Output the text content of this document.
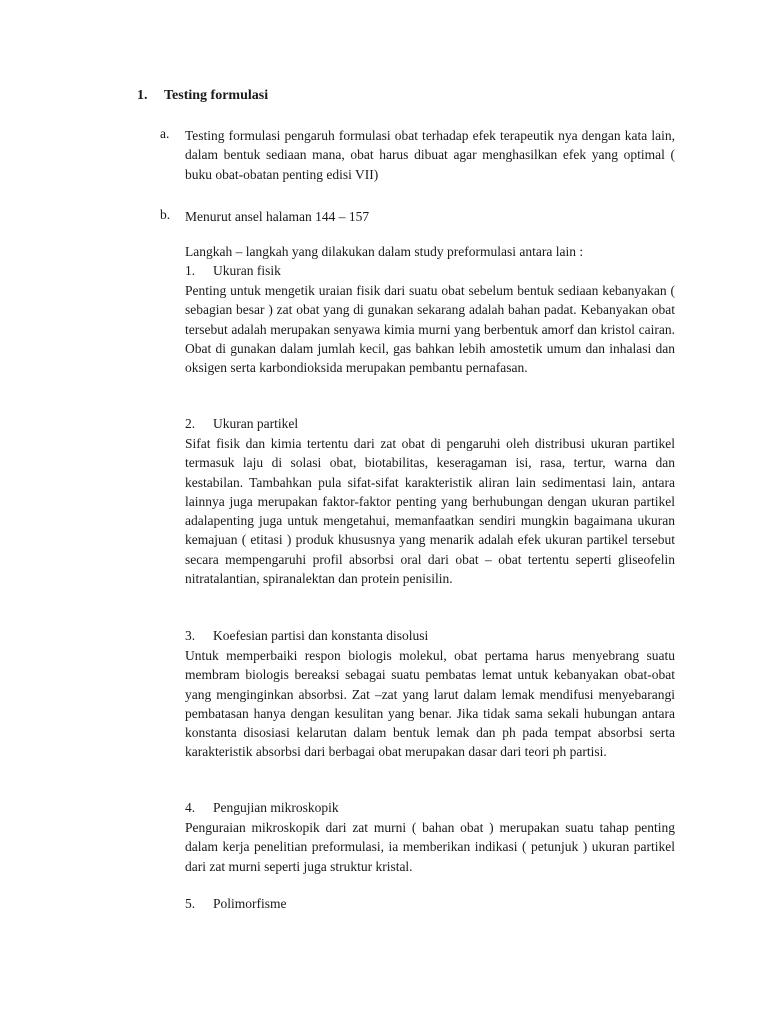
1. Testing formulasi
a. Testing formulasi pengaruh formulasi obat terhadap efek terapeutik nya dengan kata lain, dalam bentuk sediaan mana, obat harus dibuat agar menghasilkan efek yang optimal ( buku obat-obatan penting edisi VII)
b. Menurut ansel halaman 144 – 157
Langkah – langkah yang dilakukan dalam study preformulasi antara lain :
1. Ukuran fisik
Penting untuk mengetik uraian fisik dari suatu obat sebelum bentuk sediaan kebanyakan ( sebagian besar ) zat obat yang di gunakan sekarang adalah bahan padat. Kebanyakan obat tersebut adalah merupakan senyawa kimia murni yang berbentuk amorf dan kristol cairan. Obat di gunakan dalam jumlah kecil, gas bahkan lebih amostetik umum dan inhalasi dan oksigen serta karbondioksida merupakan pembantu pernafasan.
2. Ukuran partikel
Sifat fisik dan kimia tertentu dari zat obat di pengaruhi oleh distribusi ukuran partikel termasuk laju di solasi obat, biotabilitas, keseragaman isi, rasa, tertur, warna dan kestabilan. Tambahkan pula sifat-sifat karakteristik aliran lain sedimentasi lain, antara lainnya juga merupakan faktor-faktor penting yang berhubungan dengan ukuran partikel adalapenting juga untuk mengetahui, memanfaatkan sendiri mungkin bagaimana ukuran kemajuan ( etitasi ) produk khususnya yang menarik adalah efek ukuran partikel tersebut secara mempengaruhi profil absorbsi oral dari obat – obat tertentu seperti gliseofelin nitratalantian, spiranalektan dan protein penisilin.
3. Koefesian partisi dan konstanta disolusi
Untuk memperbaiki respon biologis molekul, obat pertama harus menyebrang suatu membram biologis bereaksi sebagai suatu pembatas lemat untuk kebanyakan obat-obat yang menginginkan absorbsi. Zat –zat yang larut dalam lemak mendifusi menyebarangi pembatasan hanya dengan kesulitan yang benar. Jika tidak sama sekali hubungan antara konstanta disosiasi kelarutan dalam bentuk lemak dan ph pada tempat absorbsi serta karakteristik absorbsi dari berbagai obat merupakan dasar dari teori ph partisi.
4. Pengujian mikroskopik
Penguraian mikroskopik dari zat murni ( bahan obat ) merupakan suatu tahap penting dalam kerja penelitian preformulasi, ia memberikan indikasi ( petunjuk ) ukuran partikel dari zat murni seperti juga struktur kristal.
5. Polimorfisme
